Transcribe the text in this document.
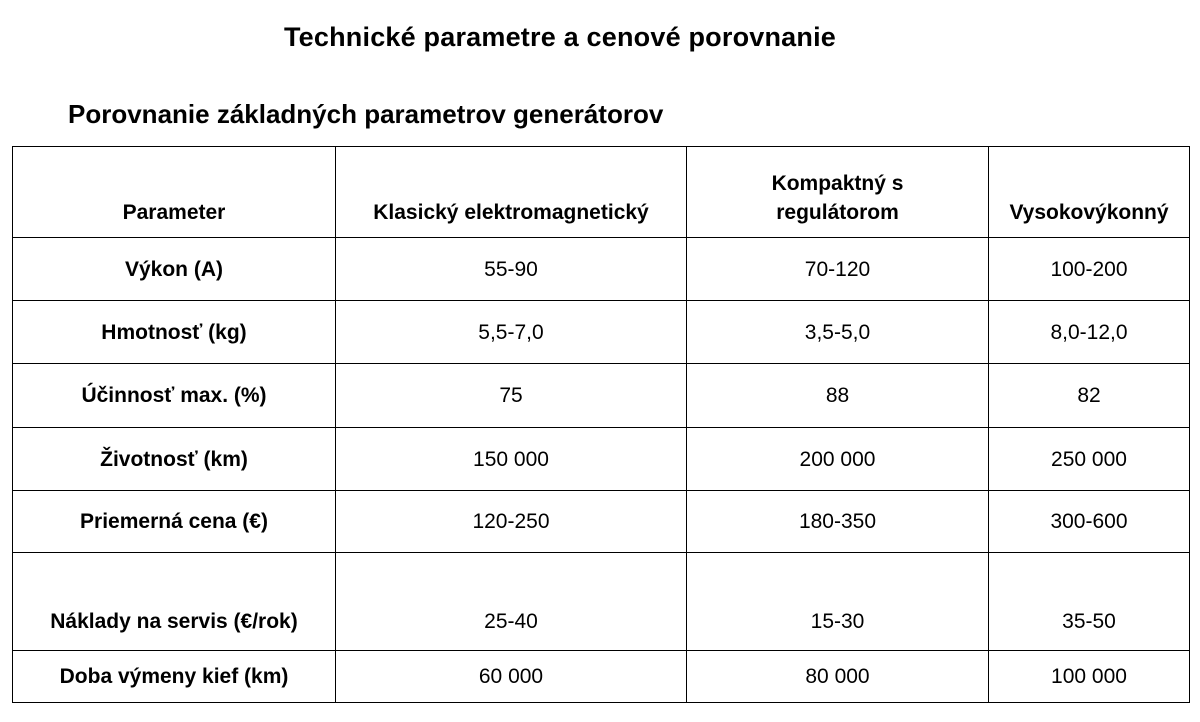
Technické parametre a cenové porovnanie
Porovnanie základných parametrov generátorov
Parameter	Klasický elektromagnetický	Kompaktný s regulátorom	Vysokovýkonný
Výkon (A)	55-90	70-120	100-200
Hmotnosť (kg)	5,5-7,0	3,5-5,0	8,0-12,0
Účinnosť max. (%)	75	88	82
Životnosť (km)	150 000	200 000	250 000
Priemerná cena (€)	120-250	180-350	300-600
Náklady na servis (€/rok)	25-40	15-30	35-50
Doba výmeny kief (km)	60 000	80 000	100 000
